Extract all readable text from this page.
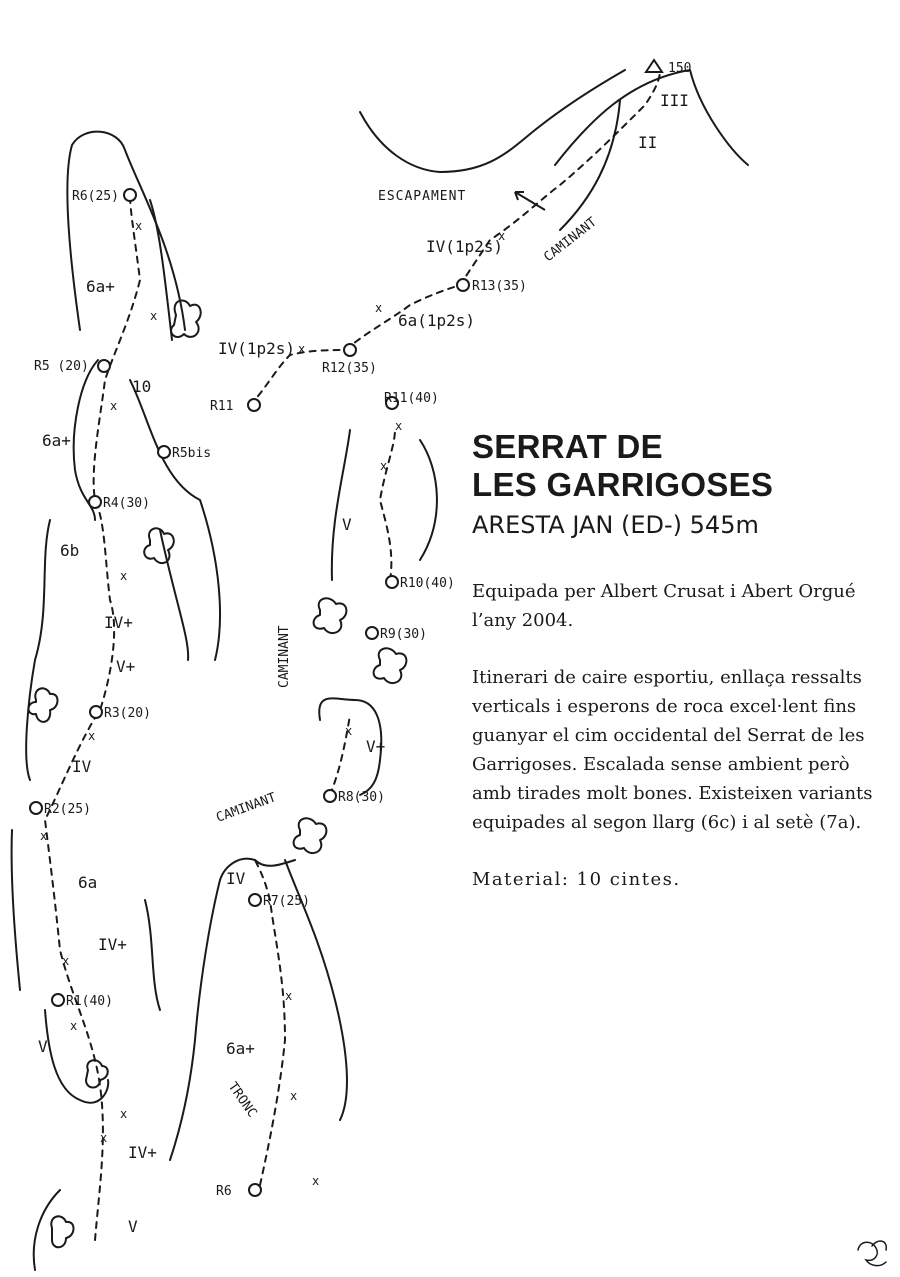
150
ESCAPAMENT
CAMINANT
CAMINANT
CAMINANT
TRONC
R1(40)
R2(25)
R3(20)
R4(30)
R5 (20)
R5bis
R6(25)
R6
R7(25)
R8(30)
R9(30)
R10(40)
R11
R11(40)
R12(35)
R13(35)
V
IV+
V
IV+
6a
IV
V+
IV+
6b
6a+
10
6a+
IV(1p2s)
6a(1p2s)
IV(1p2s)
II
III
IV
6a+
V+
V
x
x
x
x
x
x
x
x
x
x
x
x
x
x
x
x
x
x
x
SERRAT DE
LES GARRIGOSES

ARESTA JAN (ED-) 545m

Equipada per Albert Crusat i Abert Orgué l’any 2004.

Itinerari de caire esportiu, enllaça ressalts verticals i esperons de roca excel·lent fins guanyar el cim occidental del Serrat de les Garrigoses. Escalada sense ambient però amb tirades molt bones. Existeixen variants equipades al segon llarg (6c) i al setè (7a).

Material: 10 cintes.
